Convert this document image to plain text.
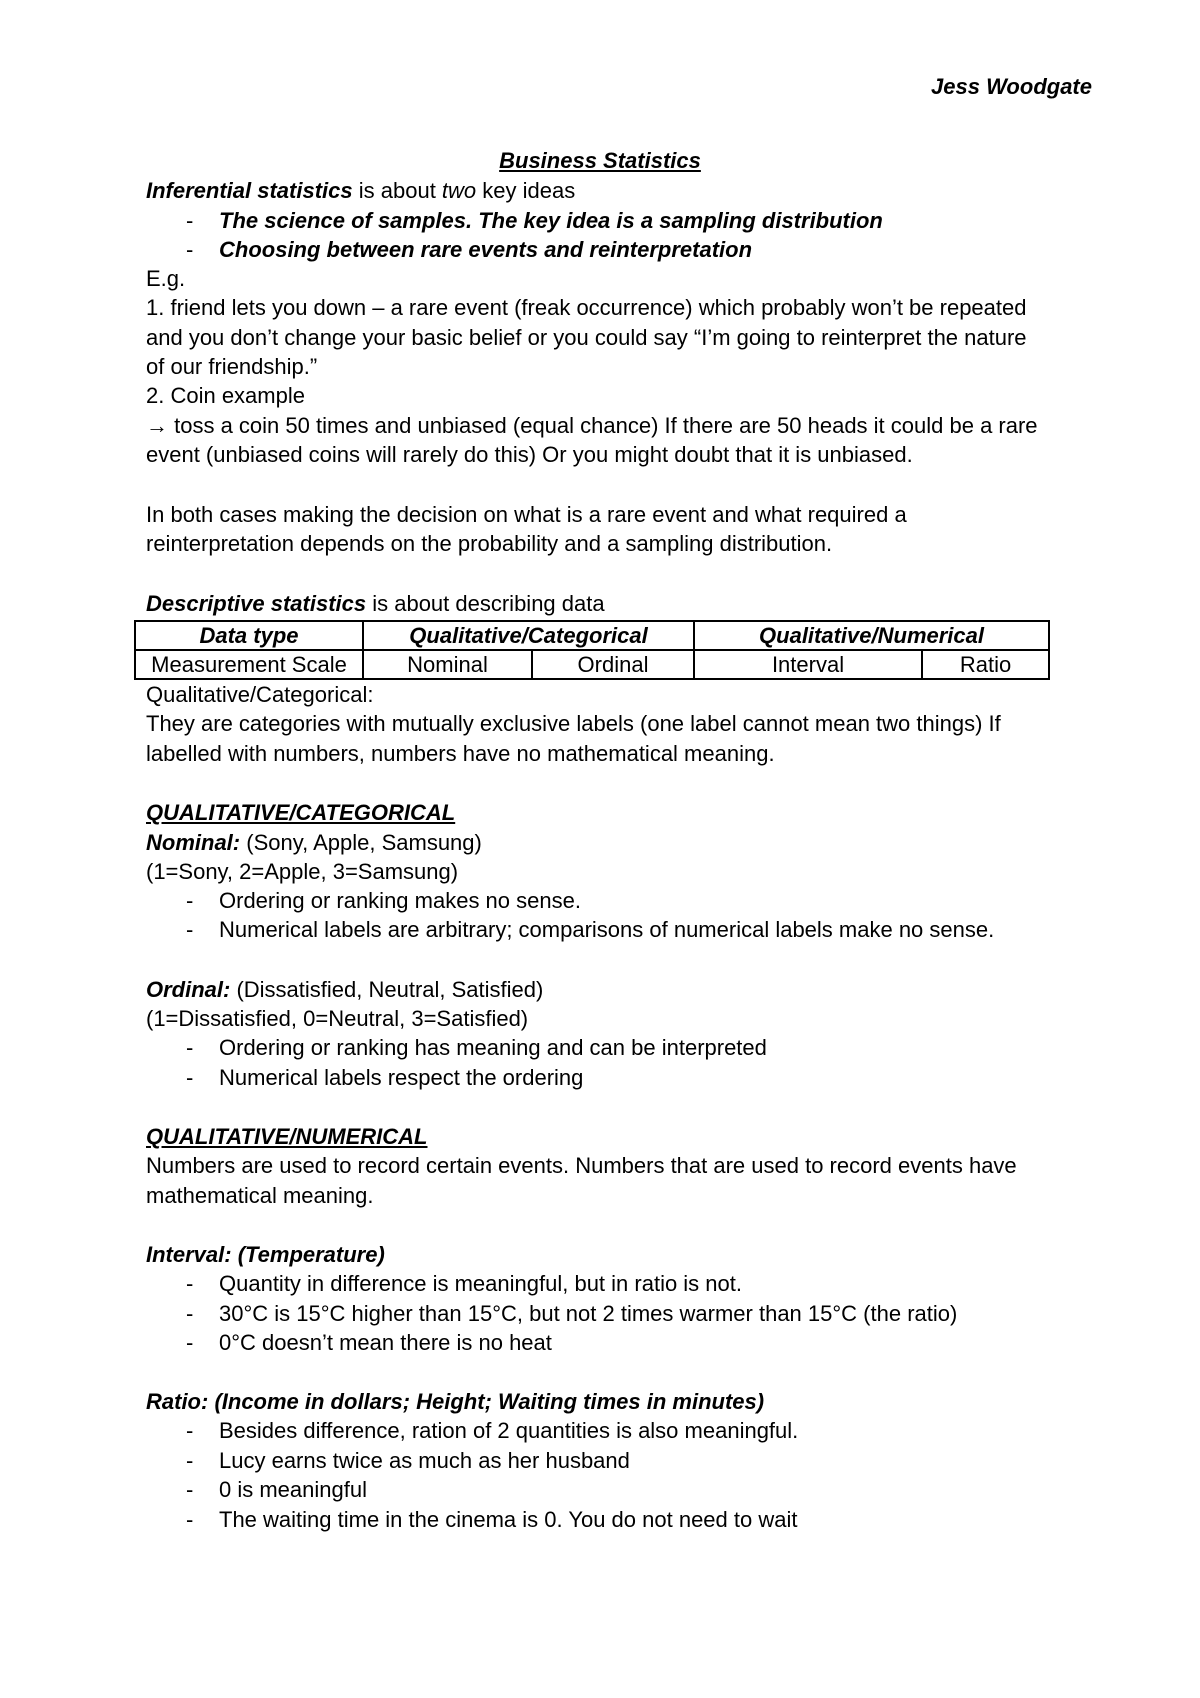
Jess Woodgate
Business Statistics
Inferential statistics is about two key ideas
- The science of samples. The key idea is a sampling distribution
- Choosing between rare events and reinterpretation
E.g.
1. friend lets you down – a rare event (freak occurrence) which probably won’t be repeated
and you don’t change your basic belief or you could say “I’m going to reinterpret the nature
of our friendship.”
2. Coin example
→ toss a coin 50 times and unbiased (equal chance) If there are 50 heads it could be a rare
event (unbiased coins will rarely do this) Or you might doubt that it is unbiased.
In both cases making the decision on what is a rare event and what required a
reinterpretation depends on the probability and a sampling distribution.
Descriptive statistics is about describing data
Data type	Qualitative/Categorical		Qualitative/Numerical	
Measurement Scale	Nominal	Ordinal	Interval	Ratio
Qualitative/Categorical:
They are categories with mutually exclusive labels (one label cannot mean two things) If
labelled with numbers, numbers have no mathematical meaning.
QUALITATIVE/CATEGORICAL
Nominal: (Sony, Apple, Samsung)
(1=Sony, 2=Apple, 3=Samsung)
- Ordering or ranking makes no sense.
- Numerical labels are arbitrary; comparisons of numerical labels make no sense.
Ordinal: (Dissatisfied, Neutral, Satisfied)
(1=Dissatisfied, 0=Neutral, 3=Satisfied)
- Ordering or ranking has meaning and can be interpreted
- Numerical labels respect the ordering
QUALITATIVE/NUMERICAL
Numbers are used to record certain events. Numbers that are used to record events have
mathematical meaning.
Interval: (Temperature)
- Quantity in difference is meaningful, but in ratio is not.
- 30°C is 15°C higher than 15°C, but not 2 times warmer than 15°C (the ratio)
- 0°C doesn’t mean there is no heat
Ratio: (Income in dollars; Height; Waiting times in minutes)
- Besides difference, ration of 2 quantities is also meaningful.
- Lucy earns twice as much as her husband
- 0 is meaningful
- The waiting time in the cinema is 0. You do not need to wait
